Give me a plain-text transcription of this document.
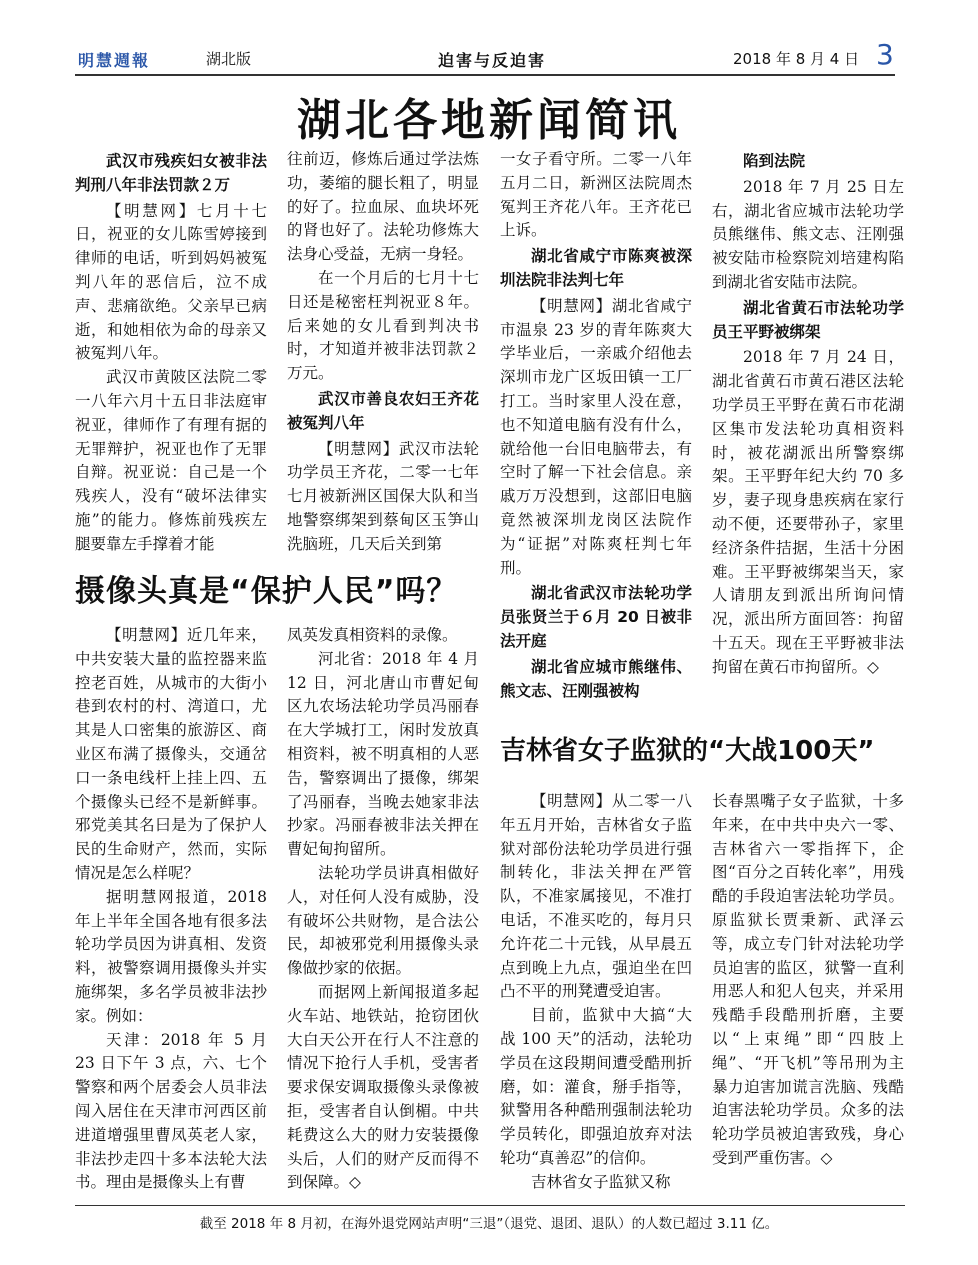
明慧週報	湖北版	迫害与反迫害	2018 年 8 月 4 日 3
湖北各地新闻简讯
武汉市残疾妇女被非法判刑八年非法罚款２万

【明慧网】七月十七日，祝亚的女儿陈雪婷接到律师的电话，听到妈妈被冤判八年的恶信后，泣不成声、悲痛欲绝。父亲早已病逝，和她相依为命的母亲又被冤判八年。

武汉市黄陂区法院二零一八年六月十五日非法庭审祝亚，律师作了有理有据的无罪辩护，祝亚也作了无罪自辩。祝亚说：自己是一个残疾人，没有“破坏法律实施”的能力。修炼前残疾左腿要靠左手撑着才能

往前迈，修炼后通过学法炼功，萎缩的腿长粗了，明显的好了。拉血尿、血块坏死的肾也好了。法轮功修炼大法身心受益，无病一身轻。

在一个月后的七月十七日还是秘密枉判祝亚８年。后来她的女儿看到判决书时，才知道并被非法罚款２万元。

武汉市善良农妇王齐花被冤判八年

【明慧网】武汉市法轮功学员王齐花，二零一七年七月被新洲区国保大队和当地警察绑架到蔡甸区玉笋山洗脑班，几天后关到第

一女子看守所。二零一八年五月二日，新洲区法院周杰冤判王齐花八年。王齐花已上诉。

湖北省咸宁市陈爽被深圳法院非法判七年

【明慧网】湖北省咸宁市温泉 23 岁的青年陈爽大学毕业后，一亲戚介绍他去深圳市龙广区坂田镇一工厂打工。当时家里人没在意，也不知道电脑有没有什么，就给他一台旧电脑带去，有空时了解一下社会信息。亲戚万万没想到，这部旧电脑竟然被深圳龙岗区法院作为“证据”对陈爽枉判七年刑。

湖北省武汉市法轮功学员张贤兰于６月 20 日被非法开庭
湖北省应城市熊继伟、熊文志、汪刚强被构
陷到法院

2018 年 7 月 25 日左右，湖北省应城市法轮功学员熊继伟、熊文志、汪刚强被安陆市检察院刘培建构陷到湖北省安陆市法院。

湖北省黄石市法轮功学员王平野被绑架

2018 年 7 月 24 日，湖北省黄石市黄石港区法轮功学员王平野在黄石市花湖区集市发法轮功真相资料时，被花湖派出所警察绑架。王平野年纪大约 70 多岁，妻子现身患疾病在家行动不便，还要带孙子，家里经济条件拮据，生活十分困难。王平野被绑架当天，家人请朋友到派出所询问情况，派出所方面回答：拘留十五天。现在王平野被非法拘留在黄石市拘留所。◇

摄像头真是“保护人民”吗？

【明慧网】近几年来，中共安装大量的监控器来监控老百姓，从城市的大街小巷到农村的村、湾道口，尤其是人口密集的旅游区、商业区布满了摄像头，交通岔口一条电线杆上挂上四、五个摄像头已经不是新鲜事。邪党美其名曰是为了保护人民的生命财产，然而，实际情况是怎么样呢？

据明慧网报道，2018 年上半年全国各地有很多法轮功学员因为讲真相、发资料，被警察调用摄像头并实施绑架，多名学员被非法抄家。例如：

天津：2018 年 5 月 23 日下午 3 点，六、七个警察和两个居委会人员非法闯入居住在天津市河西区前进道增强里曹凤英老人家，非法抄走四十多本法轮大法书。理由是摄像头上有曹

凤英发真相资料的录像。

河北省：2018 年 4 月 12 日，河北唐山市曹妃甸区九农场法轮功学员冯丽春在大学城打工，闲时发放真相资料，被不明真相的人恶告，警察调出了摄像，绑架了冯丽春，当晚去她家非法抄家。冯丽春被非法关押在曹妃甸拘留所。

法轮功学员讲真相做好人，对任何人没有威胁，没有破坏公共财物，是合法公民，却被邪党利用摄像头录像做抄家的依据。

而据网上新闻报道多起火车站、地铁站，抢窃团伙大白天公开在行人不注意的情况下抢行人手机，受害者要求保安调取摄像头录像被拒，受害者自认倒楣。中共耗费这么大的财力安装摄像头后，人们的财产反而得不到保障。◇

吉林省女子监狱的“大战100天”

【明慧网】从二零一八年五月开始，吉林省女子监狱对部份法轮功学员进行强制转化，非法关押在严管队，不准家属接见，不准打电话，不准买吃的，每月只允许花二十元钱，从早晨五点到晚上九点，强迫坐在凹凸不平的刑凳遭受迫害。

目前，监狱中大搞“大战 100 天”的活动，法轮功学员在这段期间遭受酷刑折磨，如：灌食，掰手指等，狱警用各种酷刑强制法轮功学员转化，即强迫放弃对法轮功“真善忍”的信仰。

吉林省女子监狱又称

长春黑嘴子女子监狱，十多年来，在中共中央六一零、吉林省六一零指挥下，企图“百分之百转化率”，用残酷的手段迫害法轮功学员。原监狱长贾秉新、武泽云等，成立专门针对法轮功学员迫害的监区，狱警一直利用恶人和犯人包夹，并采用残酷手段酷刑折磨，主要以“上束绳”即“四肢上绳”、“开飞机”等吊刑为主暴力迫害加谎言洗脑、残酷迫害法轮功学员。众多的法轮功学员被迫害致残，身心受到严重伤害。◇

截至 2018 年 8 月初，在海外退党网站声明“三退”（退党、退团、退队）的人数已超过 3.11 亿。
